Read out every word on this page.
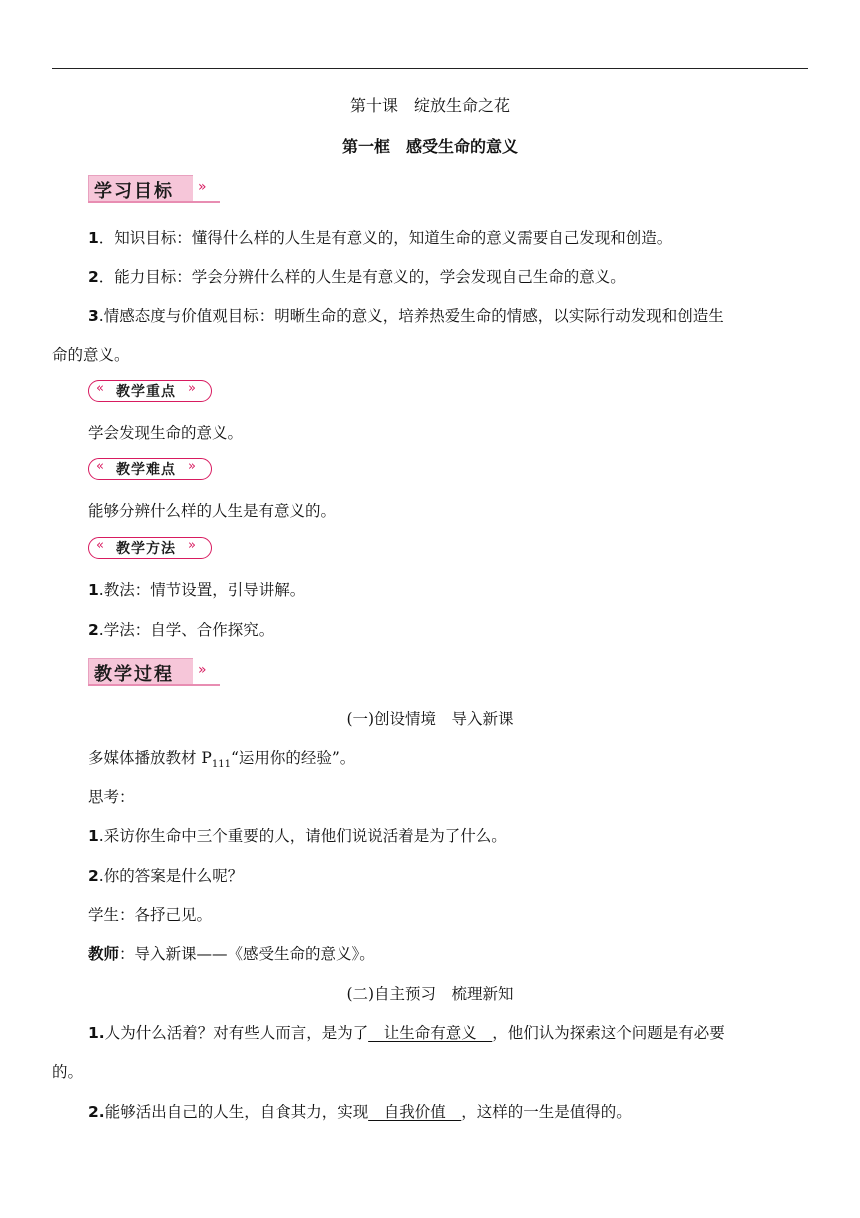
第十课　绽放生命之花
第一框　感受生命的意义
学习目标 »
1．知识目标：懂得什么样的人生是有意义的，知道生命的意义需要自己发现和创造。
2．能力目标：学会分辨什么样的人生是有意义的，学会发现自己生命的意义。
3.情感态度与价值观目标：明晰生命的意义，培养热爱生命的情感，以实际行动发现和创造生
命的意义。
« 教学重点 »
学会发现生命的意义。
« 教学难点 »
能够分辨什么样的人生是有意义的。
« 教学方法 »
1.教法：情节设置，引导讲解。
2.学法：自学、合作探究。
教学过程 »
(一)创设情境　导入新课
多媒体播放教材 $P_{111}“$运用你的经验”。
思考：
1.采访你生命中三个重要的人，请他们说说活着是为了什么。
2.你的答案是什么呢？
学生：各抒己见。
教师：导入新课——《感受生命的意义》。
(二)自主预习　梳理新知
1.人为什么活着？对有些人而言，是为了__让生命有意义__，他们认为探索这个问题是有必要
的。
2.能够活出自己的人生，自食其力，实现__自我价值__，这样的一生是值得的。
